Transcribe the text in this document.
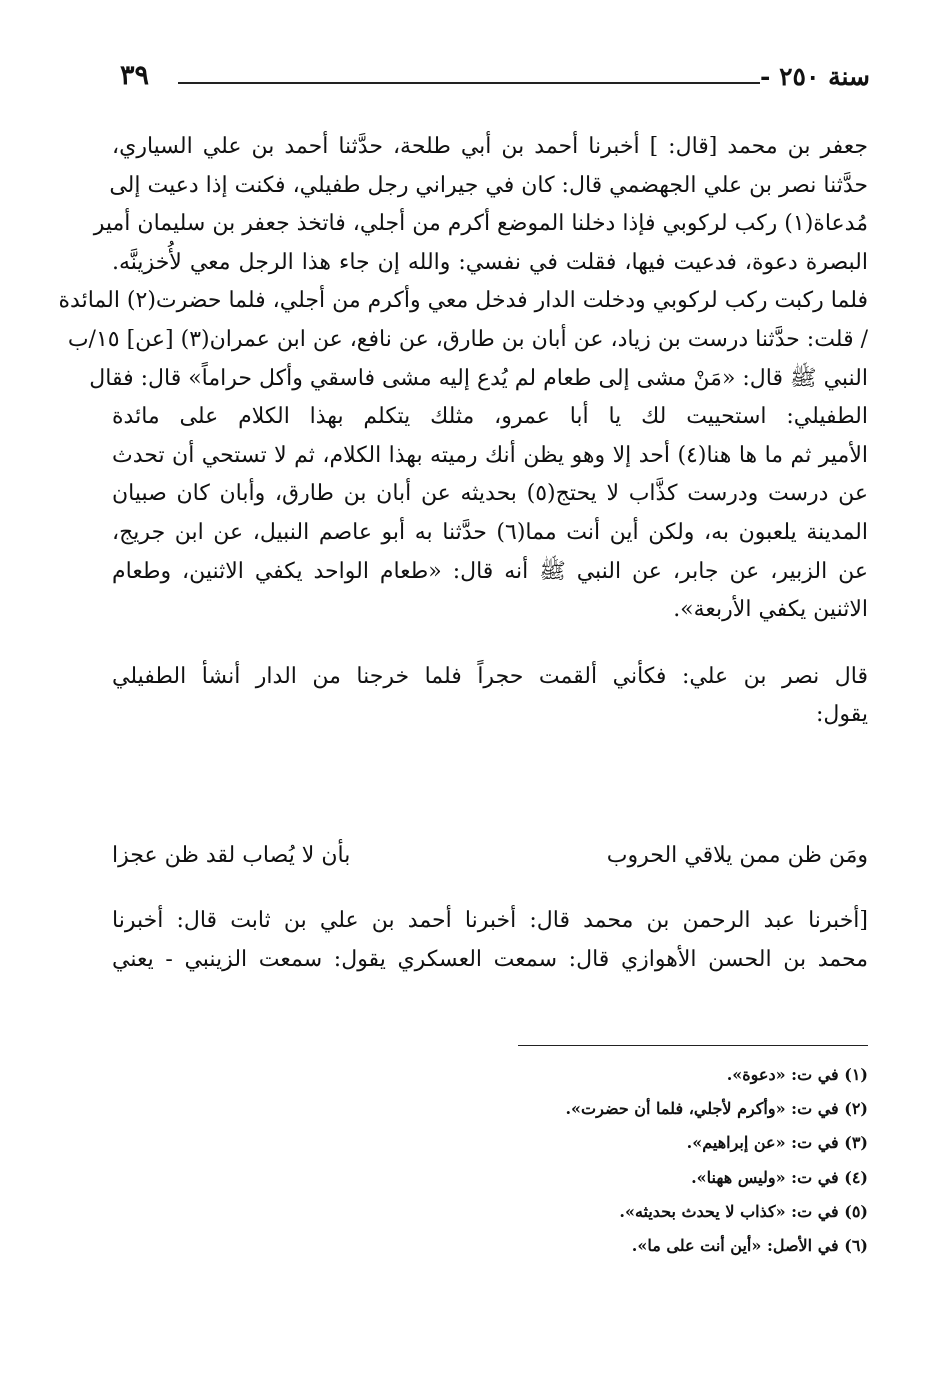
سنة ٢٥٠ -
٣٩
جعفر بن محمد [قال: ] أخبرنا أحمد بن أبي طلحة، حدَّثنا أحمد بن علي السياري،
حدَّثنا نصر بن علي الجهضمي قال: كان في جيراني رجل طفيلي، فكنت إذا دعيت إلى
مُدعاة(١) ركب لركوبي فإذا دخلنا الموضع أكرم من أجلي، فاتخذ جعفر بن سليمان أمير
البصرة دعوة، فدعيت فيها، فقلت في نفسي: والله إن جاء هذا الرجل معي لأُخزينَّه.
فلما ركبت ركب لركوبي ودخلت الدار فدخل معي وأكرم من أجلي، فلما حضرت(٢) المائدة
/ قلت: حدَّثنا درست بن زياد، عن أبان بن طارق، عن نافع، عن ابن عمران(٣) [عن] ١٥/ب
النبي ﷺ قال: «مَنْ مشى إلى طعام لم يُدع إليه مشى فاسقي وأكل حراماً» قال: فقال
الطفيلي: استحييت لك يا أبا عمرو، مثلك يتكلم بهذا الكلام على مائدة
الأمير ثم ما ها هنا(٤) أحد إلا وهو يظن أنك رميته بهذا الكلام، ثم لا تستحي أن تحدث
عن درست ودرست كذَّاب لا يحتج(٥) بحديثه عن أبان بن طارق، وأبان كان صبيان
المدينة يلعبون به، ولكن أين أنت مما(٦) حدَّثنا به أبو عاصم النبيل، عن ابن جريج،
عن الزبير، عن جابر، عن النبي ﷺ أنه قال: «طعام الواحد يكفي الاثنين، وطعام
الاثنين يكفي الأربعة».
قال نصر بن علي: فكأني ألقمت حجراً فلما خرجنا من الدار أنشأ الطفيلي
يقول:
ومَن ظن ممن يلاقي الحروب
بأن لا يُصاب لقد ظن عجزا
[أخبرنا عبد الرحمن بن محمد قال: أخبرنا أحمد بن علي بن ثابت قال: أخبرنا
محمد بن الحسن الأهوازي قال: سمعت العسكري يقول: سمعت الزينبي - يعني
(١) في ت: «دعوة».
(٢) في ت: «وأكرم لأجلي، فلما أن حضرت».
(٣) في ت: «عن إبراهيم».
(٤) في ت: «وليس ههنا».
(٥) في ت: «كذاب لا يحدث بحديثه».
(٦) في الأصل: «أين أنت على ما».
